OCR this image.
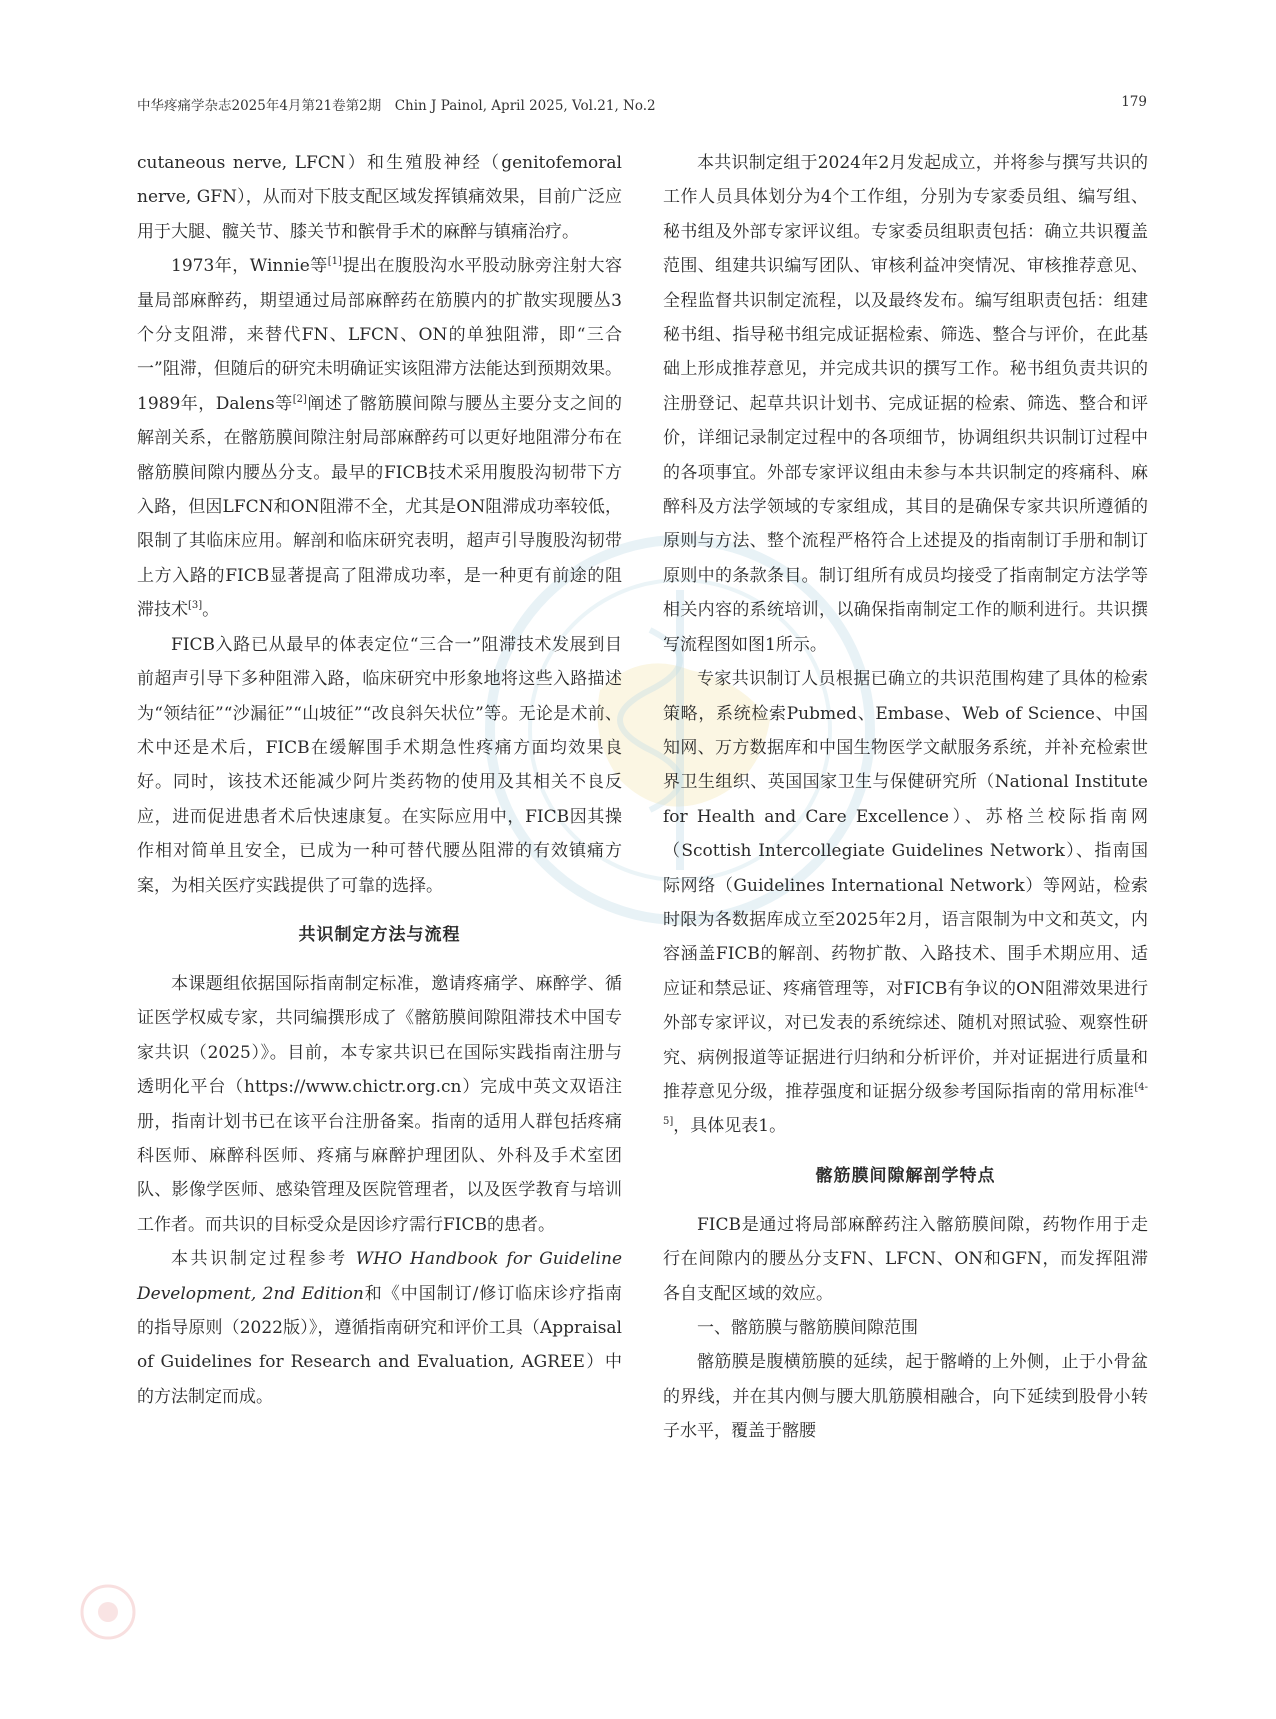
中华疼痛学杂志2025年4月第21卷第2期　Chin J Painol, April 2025, Vol.21, No.2	179

cutaneous nerve, LFCN）和生殖股神经（genitofemoral nerve, GFN），从而对下肢支配区域发挥镇痛效果，目前广泛应用于大腿、髋关节、膝关节和髌骨手术的麻醉与镇痛治疗。

1973年，Winnie等[1]提出在腹股沟水平股动脉旁注射大容量局部麻醉药，期望通过局部麻醉药在筋膜内的扩散实现腰丛3个分支阻滞，来替代FN、LFCN、ON的单独阻滞，即“三合一”阻滞，但随后的研究未明确证实该阻滞方法能达到预期效果。1989年，Dalens等[2]阐述了髂筋膜间隙与腰丛主要分支之间的解剖关系，在髂筋膜间隙注射局部麻醉药可以更好地阻滞分布在髂筋膜间隙内腰丛分支。最早的FICB技术采用腹股沟韧带下方入路，但因LFCN和ON阻滞不全，尤其是ON阻滞成功率较低，限制了其临床应用。解剖和临床研究表明，超声引导腹股沟韧带上方入路的FICB显著提高了阻滞成功率，是一种更有前途的阻滞技术[3]。

FICB入路已从最早的体表定位“三合一”阻滞技术发展到目前超声引导下多种阻滞入路，临床研究中形象地将这些入路描述为“领结征”“沙漏征”“山坡征”“改良斜矢状位”等。无论是术前、术中还是术后，FICB在缓解围手术期急性疼痛方面均效果良好。同时，该技术还能减少阿片类药物的使用及其相关不良反应，进而促进患者术后快速康复。在实际应用中，FICB因其操作相对简单且安全，已成为一种可替代腰丛阻滞的有效镇痛方案，为相关医疗实践提供了可靠的选择。

共识制定方法与流程

本课题组依据国际指南制定标准，邀请疼痛学、麻醉学、循证医学权威专家，共同编撰形成了《髂筋膜间隙阻滞技术中国专家共识（2025）》。目前，本专家共识已在国际实践指南注册与透明化平台（https://www.chictr.org.cn）完成中英文双语注册，指南计划书已在该平台注册备案。指南的适用人群包括疼痛科医师、麻醉科医师、疼痛与麻醉护理团队、外科及手术室团队、影像学医师、感染管理及医院管理者，以及医学教育与培训工作者。而共识的目标受众是因诊疗需行FICB的患者。

本共识制定过程参考 WHO Handbook for Guideline Development, 2nd Edition和《中国制订/修订临床诊疗指南的指导原则（2022版）》，遵循指南研究和评价工具（Appraisal of Guidelines for Research and Evaluation, AGREE）中的方法制定而成。

本共识制定组于2024年2月发起成立，并将参与撰写共识的工作人员具体划分为4个工作组，分别为专家委员组、编写组、秘书组及外部专家评议组。专家委员组职责包括：确立共识覆盖范围、组建共识编写团队、审核利益冲突情况、审核推荐意见、全程监督共识制定流程，以及最终发布。编写组职责包括：组建秘书组、指导秘书组完成证据检索、筛选、整合与评价，在此基础上形成推荐意见，并完成共识的撰写工作。秘书组负责共识的注册登记、起草共识计划书、完成证据的检索、筛选、整合和评价，详细记录制定过程中的各项细节，协调组织共识制订过程中的各项事宜。外部专家评议组由未参与本共识制定的疼痛科、麻醉科及方法学领域的专家组成，其目的是确保专家共识所遵循的原则与方法、整个流程严格符合上述提及的指南制订手册和制订原则中的条款条目。制订组所有成员均接受了指南制定方法学等相关内容的系统培训，以确保指南制定工作的顺利进行。共识撰写流程图如图1所示。

专家共识制订人员根据已确立的共识范围构建了具体的检索策略，系统检索Pubmed、Embase、Web of Science、中国知网、万方数据库和中国生物医学文献服务系统，并补充检索世界卫生组织、英国国家卫生与保健研究所（National Institute for Health and Care Excellence）、苏格兰校际指南网（Scottish Intercollegiate Guidelines Network）、指南国际网络（Guidelines International Network）等网站，检索时限为各数据库成立至2025年2月，语言限制为中文和英文，内容涵盖FICB的解剖、药物扩散、入路技术、围手术期应用、适应证和禁忌证、疼痛管理等，对FICB有争议的ON阻滞效果进行外部专家评议，对已发表的系统综述、随机对照试验、观察性研究、病例报道等证据进行归纳和分析评价，并对证据进行质量和推荐意见分级，推荐强度和证据分级参考国际指南的常用标准[4-5]，具体见表1。

髂筋膜间隙解剖学特点

FICB是通过将局部麻醉药注入髂筋膜间隙，药物作用于走行在间隙内的腰丛分支FN、LFCN、ON和GFN，而发挥阻滞各自支配区域的效应。

一、髂筋膜与髂筋膜间隙范围

髂筋膜是腹横筋膜的延续，起于髂嵴的上外侧，止于小骨盆的界线，并在其内侧与腰大肌筋膜相融合，向下延续到股骨小转子水平，覆盖于髂腰
